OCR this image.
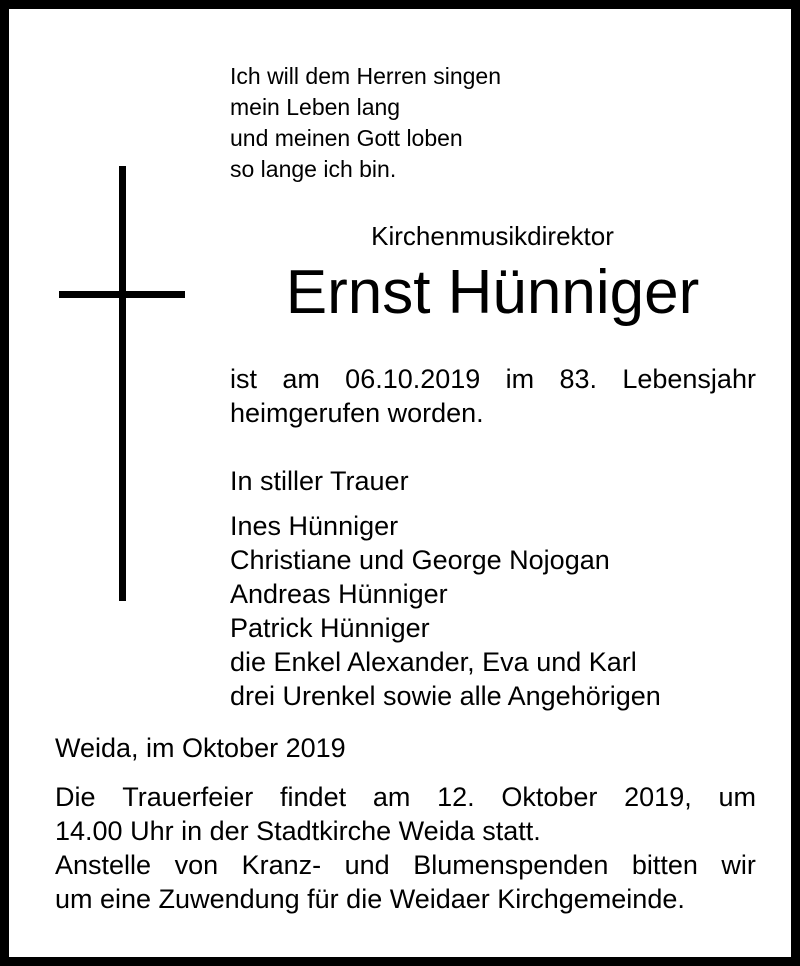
Ich will dem Herren singen
mein Leben lang
und meinen Gott loben
so lange ich bin.
Kirchenmusikdirektor
Ernst Hünniger
ist am 06.10.2019 im 83. Lebensjahr
heimgerufen worden.
In stiller Trauer
Ines Hünniger
Christiane und George Nojogan
Andreas Hünniger
Patrick Hünniger
die Enkel Alexander, Eva und Karl
drei Urenkel sowie alle Angehörigen
Weida, im Oktober 2019
Die Trauerfeier findet am 12. Oktober 2019, um
14.00 Uhr in der Stadtkirche Weida statt.
Anstelle von Kranz- und Blumenspenden bitten wir
um eine Zuwendung für die Weidaer Kirchgemeinde.
